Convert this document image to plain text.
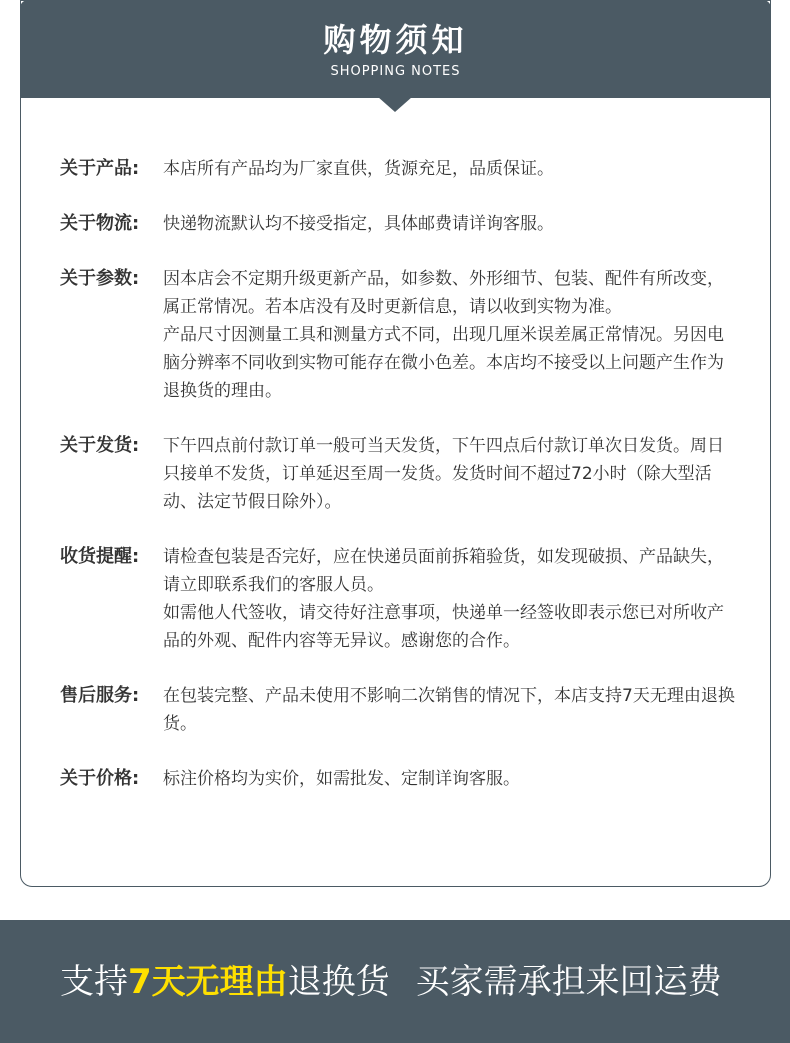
购物须知
SHOPPING NOTES
关于产品:	本店所有产品均为厂家直供，货源充足，品质保证。
关于物流:	快递物流默认均不接受指定，具体邮费请详询客服。
关于参数:	因本店会不定期升级更新产品，如参数、外形细节、包装、配件有所改变，属正常情况。若本店没有及时更新信息，请以收到实物为准。
产品尺寸因测量工具和测量方式不同，出现几厘米误差属正常情况。另因电脑分辨率不同收到实物可能存在微小色差。本店均不接受以上问题产生作为退换货的理由。
关于发货:	下午四点前付款订单一般可当天发货，下午四点后付款订单次日发货。周日只接单不发货，订单延迟至周一发货。发货时间不超过72小时（除大型活动、法定节假日除外）。
收货提醒:	请检查包装是否完好，应在快递员面前拆箱验货，如发现破损、产品缺失，请立即联系我们的客服人员。
如需他人代签收，请交待好注意事项，快递单一经签收即表示您已对所收产品的外观、配件内容等无异议。感谢您的合作。
售后服务:	在包装完整、产品未使用不影响二次销售的情况下，本店支持7天无理由退换货。
关于价格:	标注价格均为实价，如需批发、定制详询客服。
支持7天无理由退换货 买家需承担来回运费
